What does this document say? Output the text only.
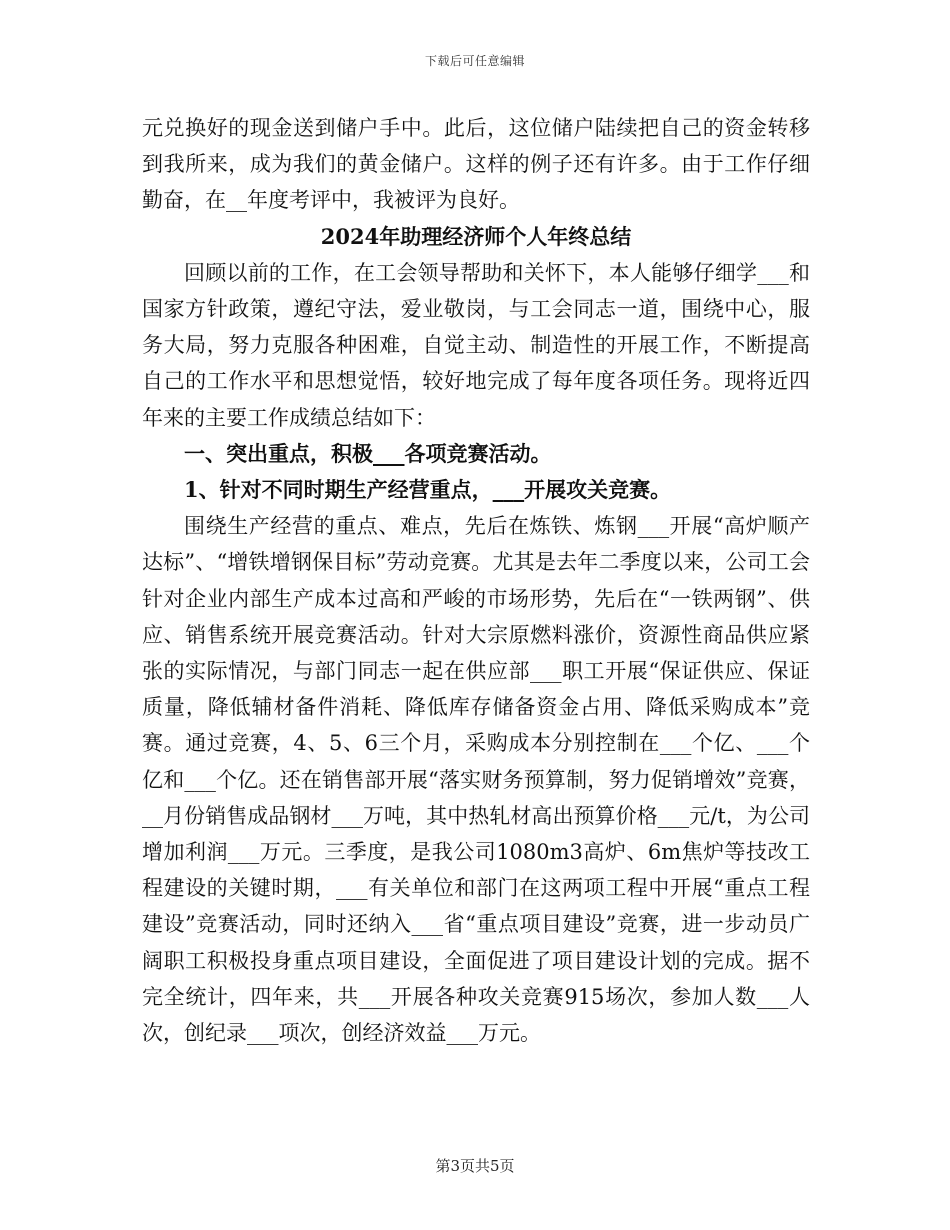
下载后可任意编辑

元兑换好的现金送到储户手中。此后，这位储户陆续把自己的资金转移到我所来，成为我们的黄金储户。这样的例子还有许多。由于工作仔细勤奋，在__年度考评中，我被评为良好。

2024年助理经济师个人年终总结

回顾以前的工作，在工会领导帮助和关怀下，本人能够仔细学___和国家方针政策，遵纪守法，爱业敬岗，与工会同志一道，围绕中心，服务大局，努力克服各种困难，自觉主动、制造性的开展工作，不断提高自己的工作水平和思想觉悟，较好地完成了每年度各项任务。现将近四年来的主要工作成绩总结如下：

一、突出重点，积极___各项竞赛活动。

1、针对不同时期生产经营重点，___开展攻关竞赛。

围绕生产经营的重点、难点，先后在炼铁、炼钢___开展“高炉顺产达标”、“增铁增钢保目标”劳动竞赛。尤其是去年二季度以来，公司工会针对企业内部生产成本过高和严峻的市场形势，先后在“一铁两钢”、供应、销售系统开展竞赛活动。针对大宗原燃料涨价，资源性商品供应紧张的实际情况，与部门同志一起在供应部___职工开展“保证供应、保证质量，降低辅材备件消耗、降低库存储备资金占用、降低采购成本”竞赛。通过竞赛，4、5、6三个月，采购成本分别控制在___个亿、___个亿和___个亿。还在销售部开展“落实财务预算制，努力促销增效”竞赛，__月份销售成品钢材___万吨，其中热轧材高出预算价格___元/t，为公司增加利润___万元。三季度，是我公司1080m3高炉、6m焦炉等技改工程建设的关键时期，___有关单位和部门在这两项工程中开展“重点工程建设”竞赛活动，同时还纳入___省“重点项目建设”竞赛，进一步动员广阔职工积极投身重点项目建设，全面促进了项目建设计划的完成。据不完全统计，四年来，共___开展各种攻关竞赛915场次，参加人数___人次，创纪录___项次，创经济效益___万元。

第3页共5页
